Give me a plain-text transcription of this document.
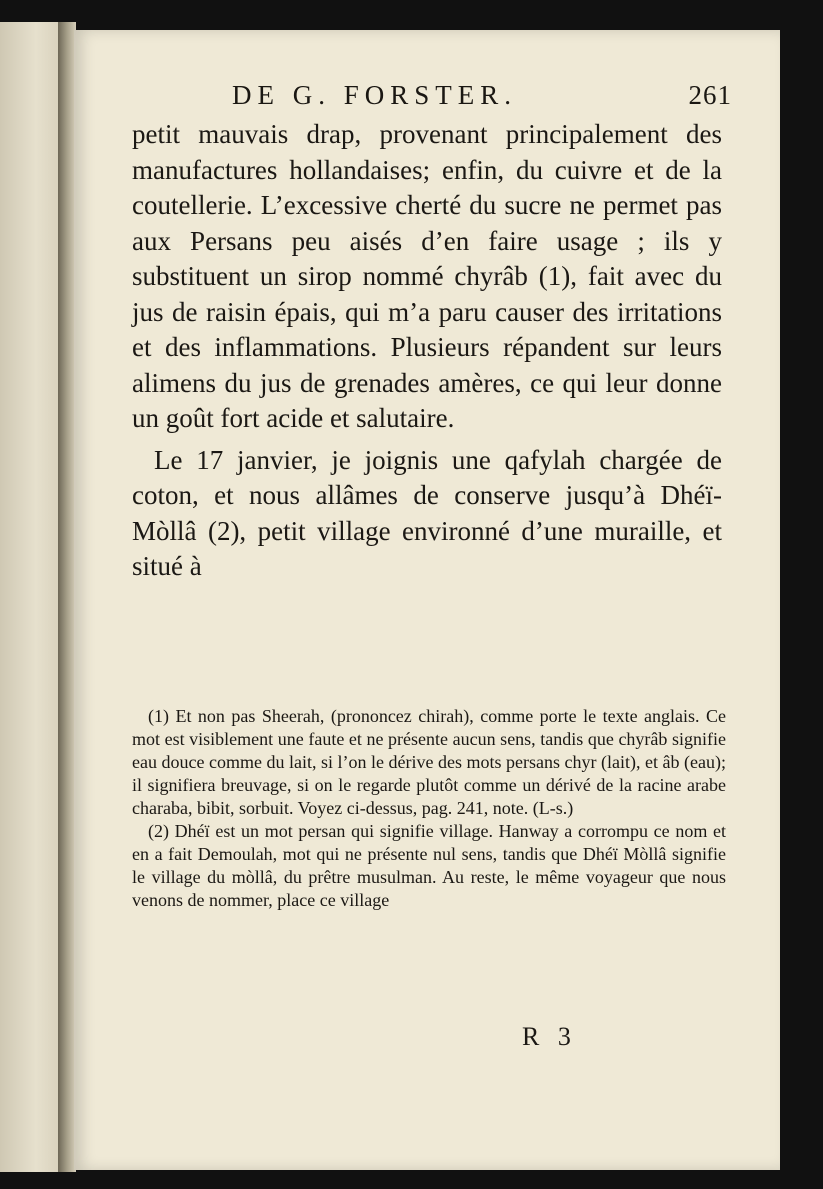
DE G. FORSTER.	261

petit mauvais drap, provenant principalement des manufactures hollandaises; enfin, du cuivre et de la coutellerie. L’excessive cherté du sucre ne permet pas aux Persans peu aisés d’en faire usage ; ils y substituent un sirop nommé chyrâb (1), fait avec du jus de raisin épais, qui m’a paru causer des irritations et des inflammations. Plusieurs répandent sur leurs alimens du jus de grenades amères, ce qui leur donne un goût fort acide et salutaire.

Le 17 janvier, je joignis une qafylah chargée de coton, et nous allâmes de conserve jusqu’à Dhéï-Mòllâ (2), petit village environné d’une muraille, et situé à

(1) Et non pas Sheerah, (prononcez chirah), comme porte le texte anglais. Ce mot est visiblement une faute et ne présente aucun sens, tandis que chyrâb signifie eau douce comme du lait, si l’on le dérive des mots persans chyr (lait), et âb (eau); il signifiera breuvage, si on le regarde plutôt comme un dérivé de la racine arabe charaba, bibit, sorbuit. Voyez ci-dessus, pag. 241, note. (L-s.)

(2) Dhéï est un mot persan qui signifie village. Hanway a corrompu ce nom et en a fait Demoulah, mot qui ne présente nul sens, tandis que Dhéï Mòllâ signifie le village du mòllâ, du prêtre musulman. Au reste, le même voyageur que nous venons de nommer, place ce village

R 3
